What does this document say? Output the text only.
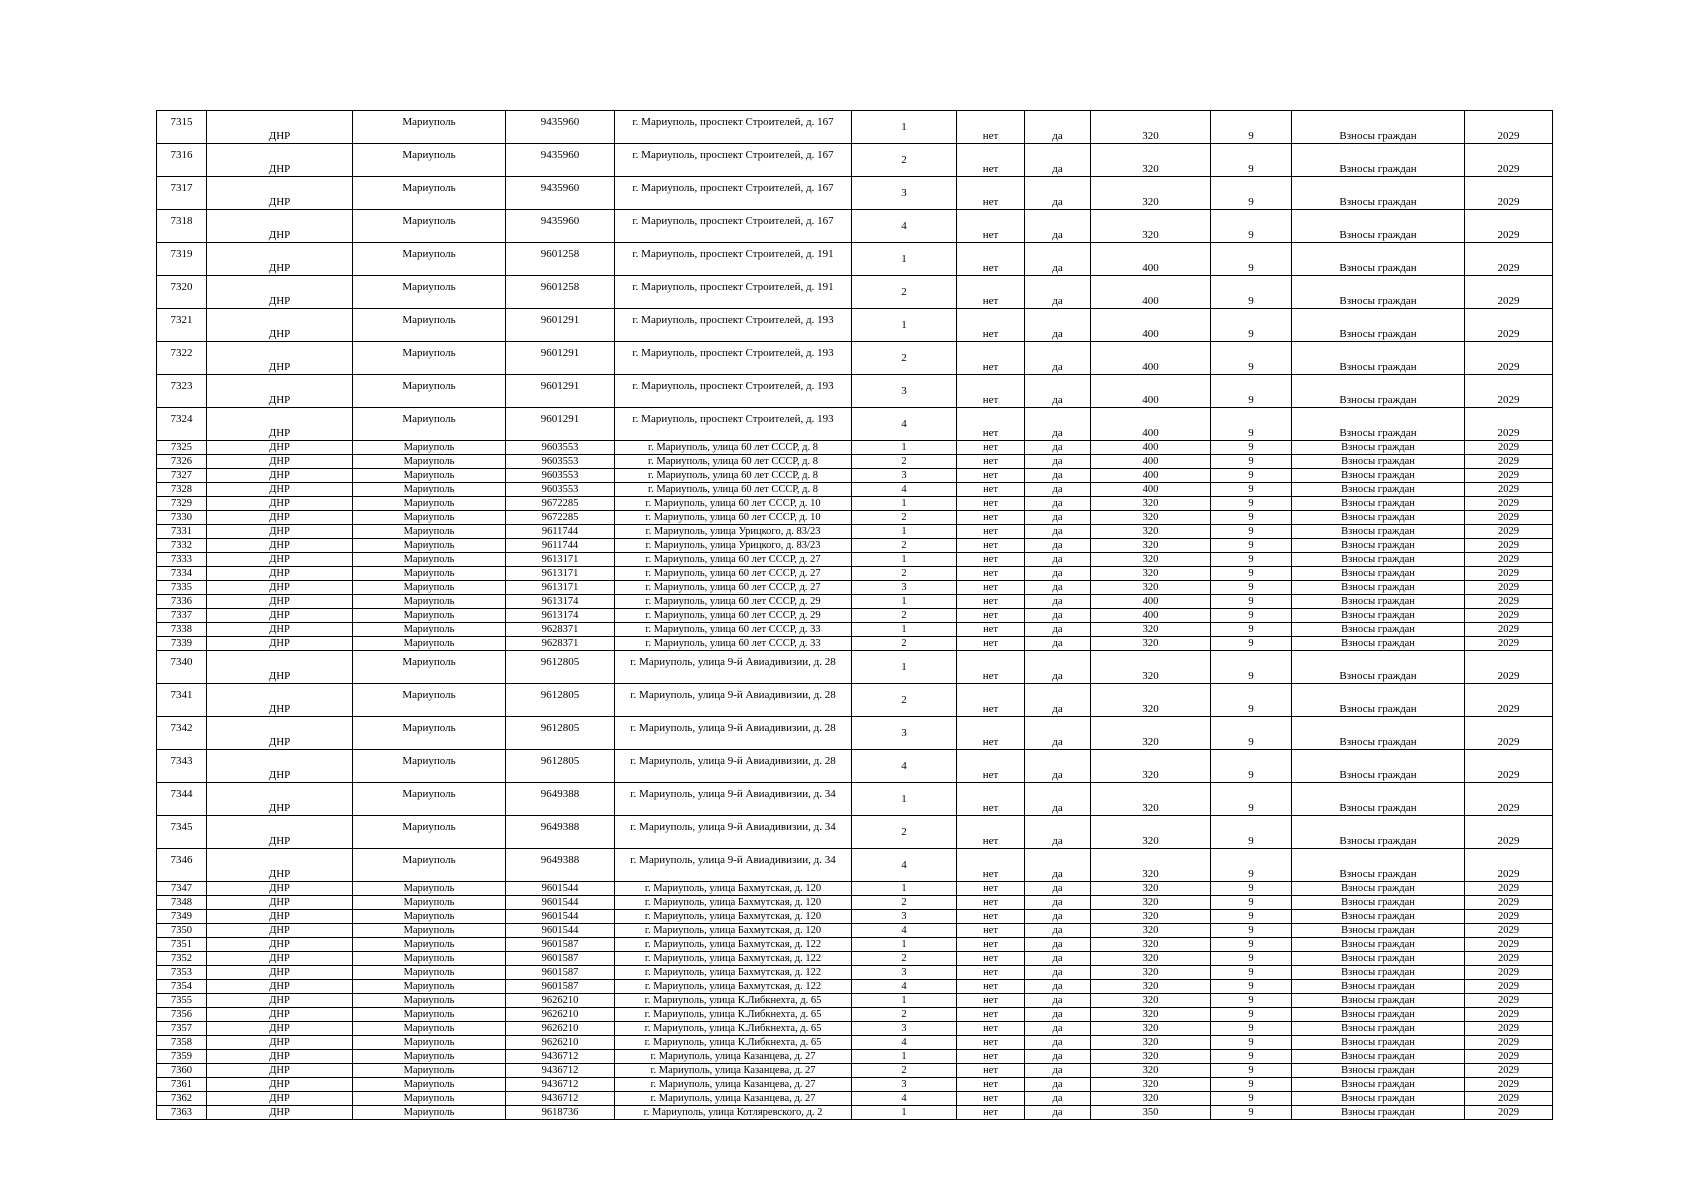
7315	ДНР	Мариуполь	9435960	г. Мариуполь, проспект Строителей, д. 167	1	нет	да	320	9	Взносы граждан	2029
7316	ДНР	Мариуполь	9435960	г. Мариуполь, проспект Строителей, д. 167	2	нет	да	320	9	Взносы граждан	2029
7317	ДНР	Мариуполь	9435960	г. Мариуполь, проспект Строителей, д. 167	3	нет	да	320	9	Взносы граждан	2029
7318	ДНР	Мариуполь	9435960	г. Мариуполь, проспект Строителей, д. 167	4	нет	да	320	9	Взносы граждан	2029
7319	ДНР	Мариуполь	9601258	г. Мариуполь, проспект Строителей, д. 191	1	нет	да	400	9	Взносы граждан	2029
7320	ДНР	Мариуполь	9601258	г. Мариуполь, проспект Строителей, д. 191	2	нет	да	400	9	Взносы граждан	2029
7321	ДНР	Мариуполь	9601291	г. Мариуполь, проспект Строителей, д. 193	1	нет	да	400	9	Взносы граждан	2029
7322	ДНР	Мариуполь	9601291	г. Мариуполь, проспект Строителей, д. 193	2	нет	да	400	9	Взносы граждан	2029
7323	ДНР	Мариуполь	9601291	г. Мариуполь, проспект Строителей, д. 193	3	нет	да	400	9	Взносы граждан	2029
7324	ДНР	Мариуполь	9601291	г. Мариуполь, проспект Строителей, д. 193	4	нет	да	400	9	Взносы граждан	2029
7325	ДНР	Мариуполь	9603553	г. Мариуполь, улица 60 лет СССР, д. 8	1	нет	да	400	9	Взносы граждан	2029
7326	ДНР	Мариуполь	9603553	г. Мариуполь, улица 60 лет СССР, д. 8	2	нет	да	400	9	Взносы граждан	2029
7327	ДНР	Мариуполь	9603553	г. Мариуполь, улица 60 лет СССР, д. 8	3	нет	да	400	9	Взносы граждан	2029
7328	ДНР	Мариуполь	9603553	г. Мариуполь, улица 60 лет СССР, д. 8	4	нет	да	400	9	Взносы граждан	2029
7329	ДНР	Мариуполь	9672285	г. Мариуполь, улица 60 лет СССР, д. 10	1	нет	да	320	9	Взносы граждан	2029
7330	ДНР	Мариуполь	9672285	г. Мариуполь, улица 60 лет СССР, д. 10	2	нет	да	320	9	Взносы граждан	2029
7331	ДНР	Мариуполь	9611744	г. Мариуполь, улица Урицкого, д. 83/23	1	нет	да	320	9	Взносы граждан	2029
7332	ДНР	Мариуполь	9611744	г. Мариуполь, улица Урицкого, д. 83/23	2	нет	да	320	9	Взносы граждан	2029
7333	ДНР	Мариуполь	9613171	г. Мариуполь, улица 60 лет СССР, д. 27	1	нет	да	320	9	Взносы граждан	2029
7334	ДНР	Мариуполь	9613171	г. Мариуполь, улица 60 лет СССР, д. 27	2	нет	да	320	9	Взносы граждан	2029
7335	ДНР	Мариуполь	9613171	г. Мариуполь, улица 60 лет СССР, д. 27	3	нет	да	320	9	Взносы граждан	2029
7336	ДНР	Мариуполь	9613174	г. Мариуполь, улица 60 лет СССР, д. 29	1	нет	да	400	9	Взносы граждан	2029
7337	ДНР	Мариуполь	9613174	г. Мариуполь, улица 60 лет СССР, д. 29	2	нет	да	400	9	Взносы граждан	2029
7338	ДНР	Мариуполь	9628371	г. Мариуполь, улица 60 лет СССР, д. 33	1	нет	да	320	9	Взносы граждан	2029
7339	ДНР	Мариуполь	9628371	г. Мариуполь, улица 60 лет СССР, д. 33	2	нет	да	320	9	Взносы граждан	2029
7340	ДНР	Мариуполь	9612805	г. Мариуполь, улица 9-й Авиадивизии, д. 28	1	нет	да	320	9	Взносы граждан	2029
7341	ДНР	Мариуполь	9612805	г. Мариуполь, улица 9-й Авиадивизии, д. 28	2	нет	да	320	9	Взносы граждан	2029
7342	ДНР	Мариуполь	9612805	г. Мариуполь, улица 9-й Авиадивизии, д. 28	3	нет	да	320	9	Взносы граждан	2029
7343	ДНР	Мариуполь	9612805	г. Мариуполь, улица 9-й Авиадивизии, д. 28	4	нет	да	320	9	Взносы граждан	2029
7344	ДНР	Мариуполь	9649388	г. Мариуполь, улица 9-й Авиадивизии, д. 34	1	нет	да	320	9	Взносы граждан	2029
7345	ДНР	Мариуполь	9649388	г. Мариуполь, улица 9-й Авиадивизии, д. 34	2	нет	да	320	9	Взносы граждан	2029
7346	ДНР	Мариуполь	9649388	г. Мариуполь, улица 9-й Авиадивизии, д. 34	4	нет	да	320	9	Взносы граждан	2029
7347	ДНР	Мариуполь	9601544	г. Мариуполь, улица Бахмутская, д. 120	1	нет	да	320	9	Взносы граждан	2029
7348	ДНР	Мариуполь	9601544	г. Мариуполь, улица Бахмутская, д. 120	2	нет	да	320	9	Взносы граждан	2029
7349	ДНР	Мариуполь	9601544	г. Мариуполь, улица Бахмутская, д. 120	3	нет	да	320	9	Взносы граждан	2029
7350	ДНР	Мариуполь	9601544	г. Мариуполь, улица Бахмутская, д. 120	4	нет	да	320	9	Взносы граждан	2029
7351	ДНР	Мариуполь	9601587	г. Мариуполь, улица Бахмутская, д. 122	1	нет	да	320	9	Взносы граждан	2029
7352	ДНР	Мариуполь	9601587	г. Мариуполь, улица Бахмутская, д. 122	2	нет	да	320	9	Взносы граждан	2029
7353	ДНР	Мариуполь	9601587	г. Мариуполь, улица Бахмутская, д. 122	3	нет	да	320	9	Взносы граждан	2029
7354	ДНР	Мариуполь	9601587	г. Мариуполь, улица Бахмутская, д. 122	4	нет	да	320	9	Взносы граждан	2029
7355	ДНР	Мариуполь	9626210	г. Мариуполь, улица К.Либкнехта, д. 65	1	нет	да	320	9	Взносы граждан	2029
7356	ДНР	Мариуполь	9626210	г. Мариуполь, улица К.Либкнехта, д. 65	2	нет	да	320	9	Взносы граждан	2029
7357	ДНР	Мариуполь	9626210	г. Мариуполь, улица К.Либкнехта, д. 65	3	нет	да	320	9	Взносы граждан	2029
7358	ДНР	Мариуполь	9626210	г. Мариуполь, улица К.Либкнехта, д. 65	4	нет	да	320	9	Взносы граждан	2029
7359	ДНР	Мариуполь	9436712	г. Мариуполь, улица Казанцева, д. 27	1	нет	да	320	9	Взносы граждан	2029
7360	ДНР	Мариуполь	9436712	г. Мариуполь, улица Казанцева, д. 27	2	нет	да	320	9	Взносы граждан	2029
7361	ДНР	Мариуполь	9436712	г. Мариуполь, улица Казанцева, д. 27	3	нет	да	320	9	Взносы граждан	2029
7362	ДНР	Мариуполь	9436712	г. Мариуполь, улица Казанцева, д. 27	4	нет	да	320	9	Взносы граждан	2029
7363	ДНР	Мариуполь	9618736	г. Мариуполь, улица Котляревского, д. 2	1	нет	да	350	9	Взносы граждан	2029
